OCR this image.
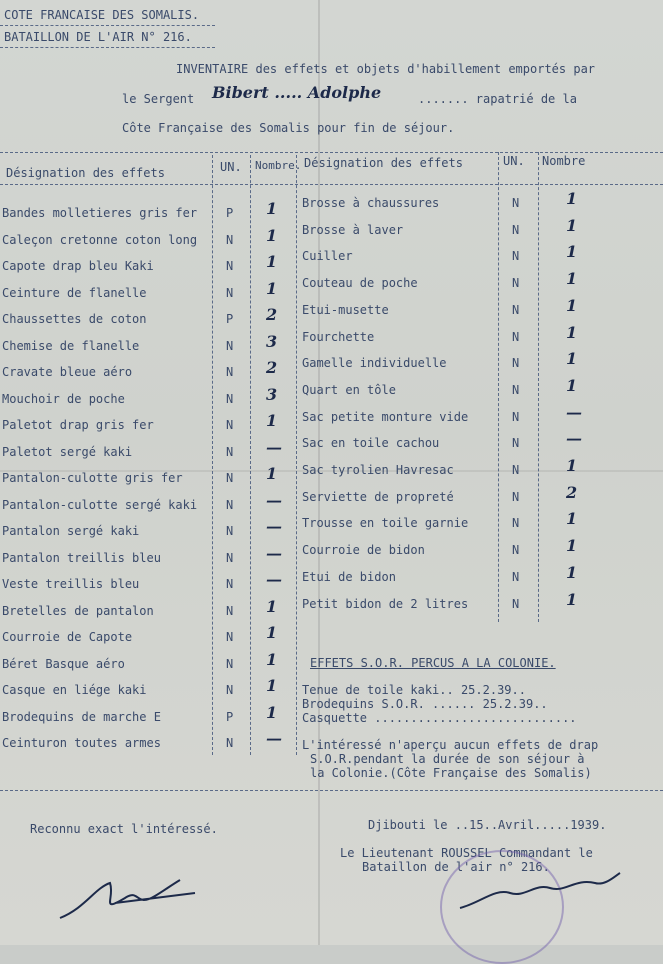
COTE FRANCAISE DES SOMALIS.
BATAILLON DE L'AIR N° 216.
INVENTAIRE des effets et objets d'habillement emportés par
le Sergent Bibert ..... Adolphe	....... rapatrié de la
Côte Française des Somalis pour fin de séjour.
Désignation des effets	UN. Nombre. Désignation des effets	UN. Nombre
Bandes molletieres gris fer P 1
Caleçon cretonne coton long N 1
Capote drap bleu Kaki	N 1
Ceinture de flanelle	N 1
Chaussettes de coton	P 2
Chemise de flanelle	N 3
Cravate bleue aéro	N 2
Mouchoir de poche	N 3
Paletot drap gris fer	N 1
Paletot sergé kaki	N —
Pantalon-culotte gris fer	N 1
Pantalon-culotte sergé kaki N —
Pantalon sergé kaki	N —
Pantalon treillis bleu	N —
Veste treillis bleu	N —
Bretelles de pantalon	N 1
Courroie de Capote	N 1
Béret Basque aéro	N 1
Casque en liége kaki	N 1
Brodequins de marche E	P 1
Ceinturon toutes armes	N —
Brosse à chaussures	N	1
Brosse à laver	N	1
Cuiller	N	1
Couteau de poche	N	1
Etui-musette	N	1
Fourchette	N	1
Gamelle individuelle	N	1
Quart en tôle	N	1
Sac petite monture vide	N	—
Sac en toile cachou	N	—
Sac tyrolien Havresac	N	1
Serviette de propreté	N	2
Trousse en toile garnie	N	1
Courroie de bidon	N	1
Etui de bidon	N	1
Petit bidon de 2 litres	N	1
EFFETS S.O.R. PERCUS A LA COLONIE.
Tenue de toile kaki.. 25.2.39..
Brodequins S.O.R. ...... 25.2.39..
Casquette ............................
L'intéressé n'aperçu aucun effets de drap
S.O.R.pendant la durée de son séjour à
la Colonie.(Côte Française des Somalis)
Reconnu exact l'intéressé.	Djibouti le ..15..Avril.....1939.
Le Lieutenant ROUSSEL Commandant le
Bataillon de l'air n° 216.
